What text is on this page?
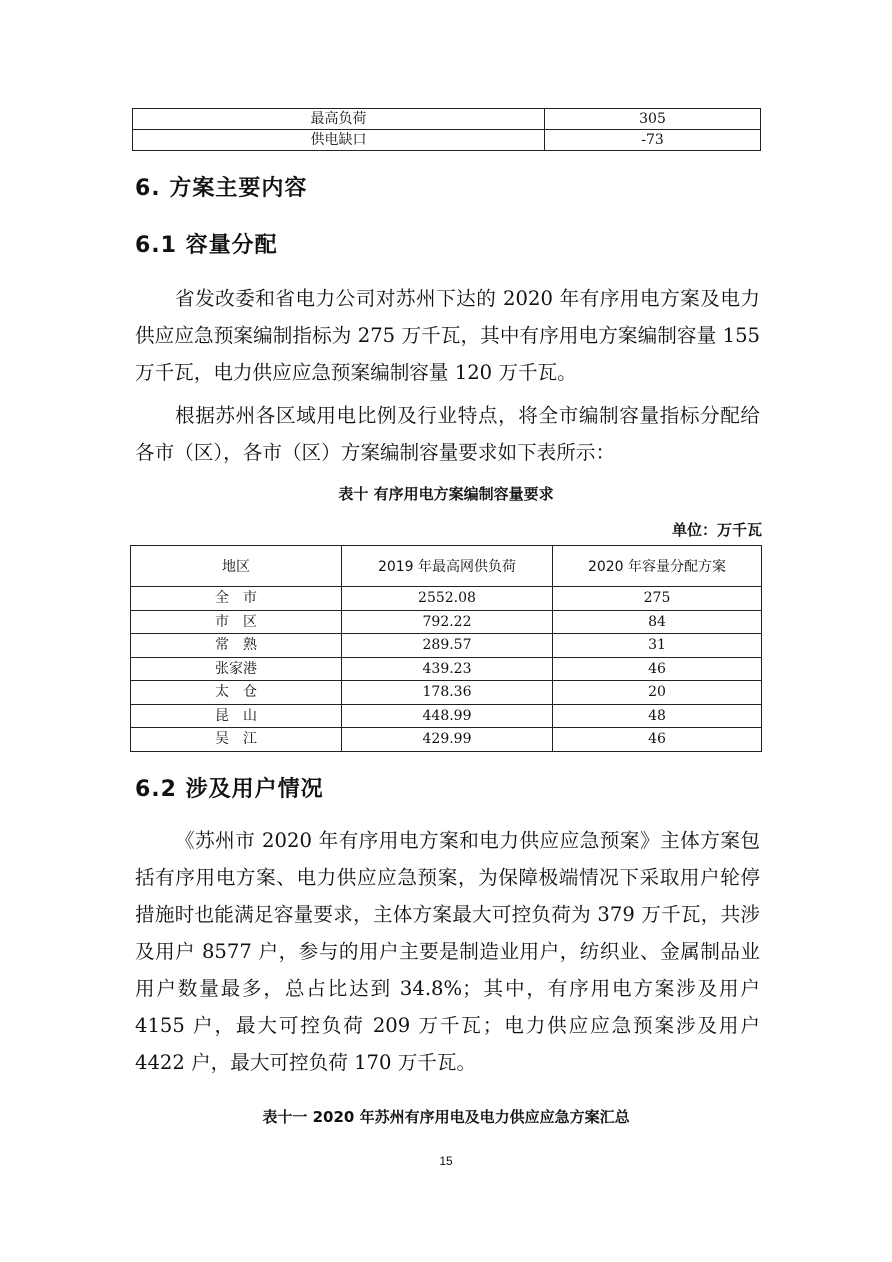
最高负荷	305
供电缺口	-73
6. 方案主要内容
6.1 容量分配

省发改委和省电力公司对苏州下达的 2020 年有序用电方案及电力供应应急预案编制指标为 275 万千瓦，其中有序用电方案编制容量 155 万千瓦，电力供应应急预案编制容量 120 万千瓦。

根据苏州各区域用电比例及行业特点，将全市编制容量指标分配给各市（区），各市（区）方案编制容量要求如下表所示：

表十 有序用电方案编制容量要求

单位：万千瓦

地区	2019 年最高网供负荷	2020 年容量分配方案
全　市	2552.08	275
市　区	792.22	84
常　熟	289.57	31
张家港	439.23	46
太　仓	178.36	20
昆　山	448.99	48
吴　江	429.99	46
6.2 涉及用户情况

《苏州市 2020 年有序用电方案和电力供应应急预案》主体方案包括有序用电方案、电力供应应急预案，为保障极端情况下采取用户轮停措施时也能满足容量要求，主体方案最大可控负荷为 379 万千瓦，共涉及用户 8577 户，参与的用户主要是制造业用户，纺织业、金属制品业用户数量最多，总占比达到 34.8%；其中，有序用电方案涉及用户 4155 户，最大可控负荷 209 万千瓦；电力供应应急预案涉及用户 4422 户，最大可控负荷 170 万千瓦。

表十一 2020 年苏州有序用电及电力供应应急方案汇总

15
